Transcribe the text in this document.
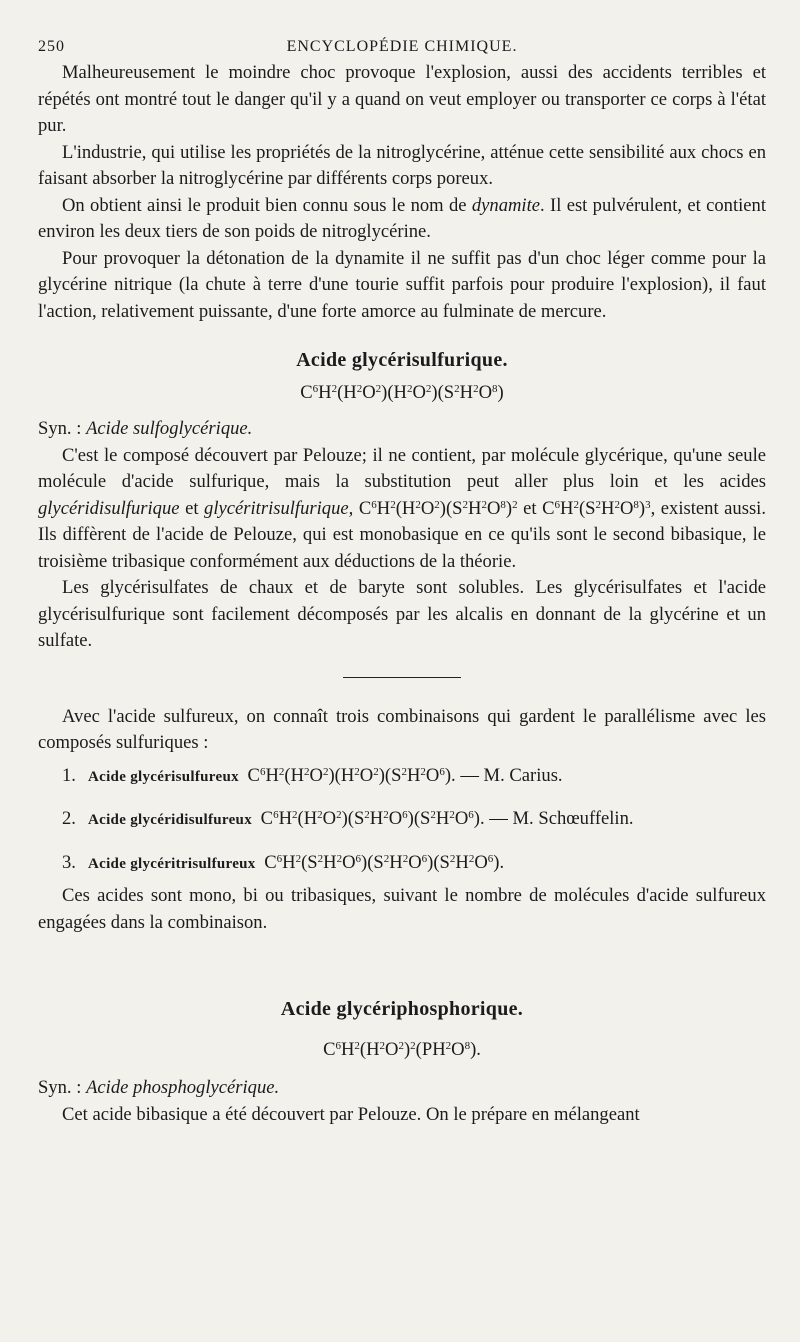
250	ENCYCLOPÉDIE CHIMIQUE.

Malheureusement le moindre choc provoque l'explosion, aussi des accidents terribles et répétés ont montré tout le danger qu'il y a quand on veut employer ou transporter ce corps à l'état pur.

L'industrie, qui utilise les propriétés de la nitroglycérine, atténue cette sensibilité aux chocs en faisant absorber la nitroglycérine par différents corps poreux.

On obtient ainsi le produit bien connu sous le nom de dynamite. Il est pulvérulent, et contient environ les deux tiers de son poids de nitroglycérine.

Pour provoquer la détonation de la dynamite il ne suffit pas d'un choc léger comme pour la glycérine nitrique (la chute à terre d'une tourie suffit parfois pour produire l'explosion), il faut l'action, relativement puissante, d'une forte amorce au fulminate de mercure.

Acide glycérisulfurique.
$C^6H^2(H^2O^2)(H^2O^2)(S^2H^2O^8)$

Syn. : Acide sulfoglycérique.

C'est le composé découvert par Pelouze; il ne contient, par molécule glycérique, qu'une seule molécule d'acide sulfurique, mais la substitution peut aller plus loin et les acides glycéridisulfurique et glycéritrisulfurique, $C^6H^2(H^2O^2)(S^2H^2O^8)^2$ et $C^6H^2(S^2H^2O^8)^3$, existent aussi. Ils diffèrent de l'acide de Pelouze, qui est monobasique en ce qu'ils sont le second bibasique, le troisième tribasique conformément aux déductions de la théorie.

Les glycérisulfates de chaux et de baryte sont solubles. Les glycérisulfates et l'acide glycérisulfurique sont facilement décomposés par les alcalis en donnant de la glycérine et un sulfate.

Avec l'acide sulfureux, on connaît trois combinaisons qui gardent le parallélisme avec les composés sulfuriques :

1. Acide glycérisulfureux $C^6H^2(H^2O^2)(H^2O^2)(S^2H^2O^6)$. — M. Carius.
2. Acide glycéridisulfureux $C^6H^2(H^2O^2)(S^2H^2O^6)(S^2H^2O^6)$. — M. Schœuffelin.
3. Acide glycéritrisulfureux $C^6H^2(S^2H^2O^6)(S^2H^2O^6)(S^2H^2O^6)$.

Ces acides sont mono, bi ou tribasiques, suivant le nombre de molécules d'acide sulfureux engagées dans la combinaison.

Acide glycériphosphorique.
$C^6H^2(H^2O^2)^2(PH^2O^8)$.

Syn. : Acide phosphoglycérique.

Cet acide bibasique a été découvert par Pelouze. On le prépare en mélangeant
